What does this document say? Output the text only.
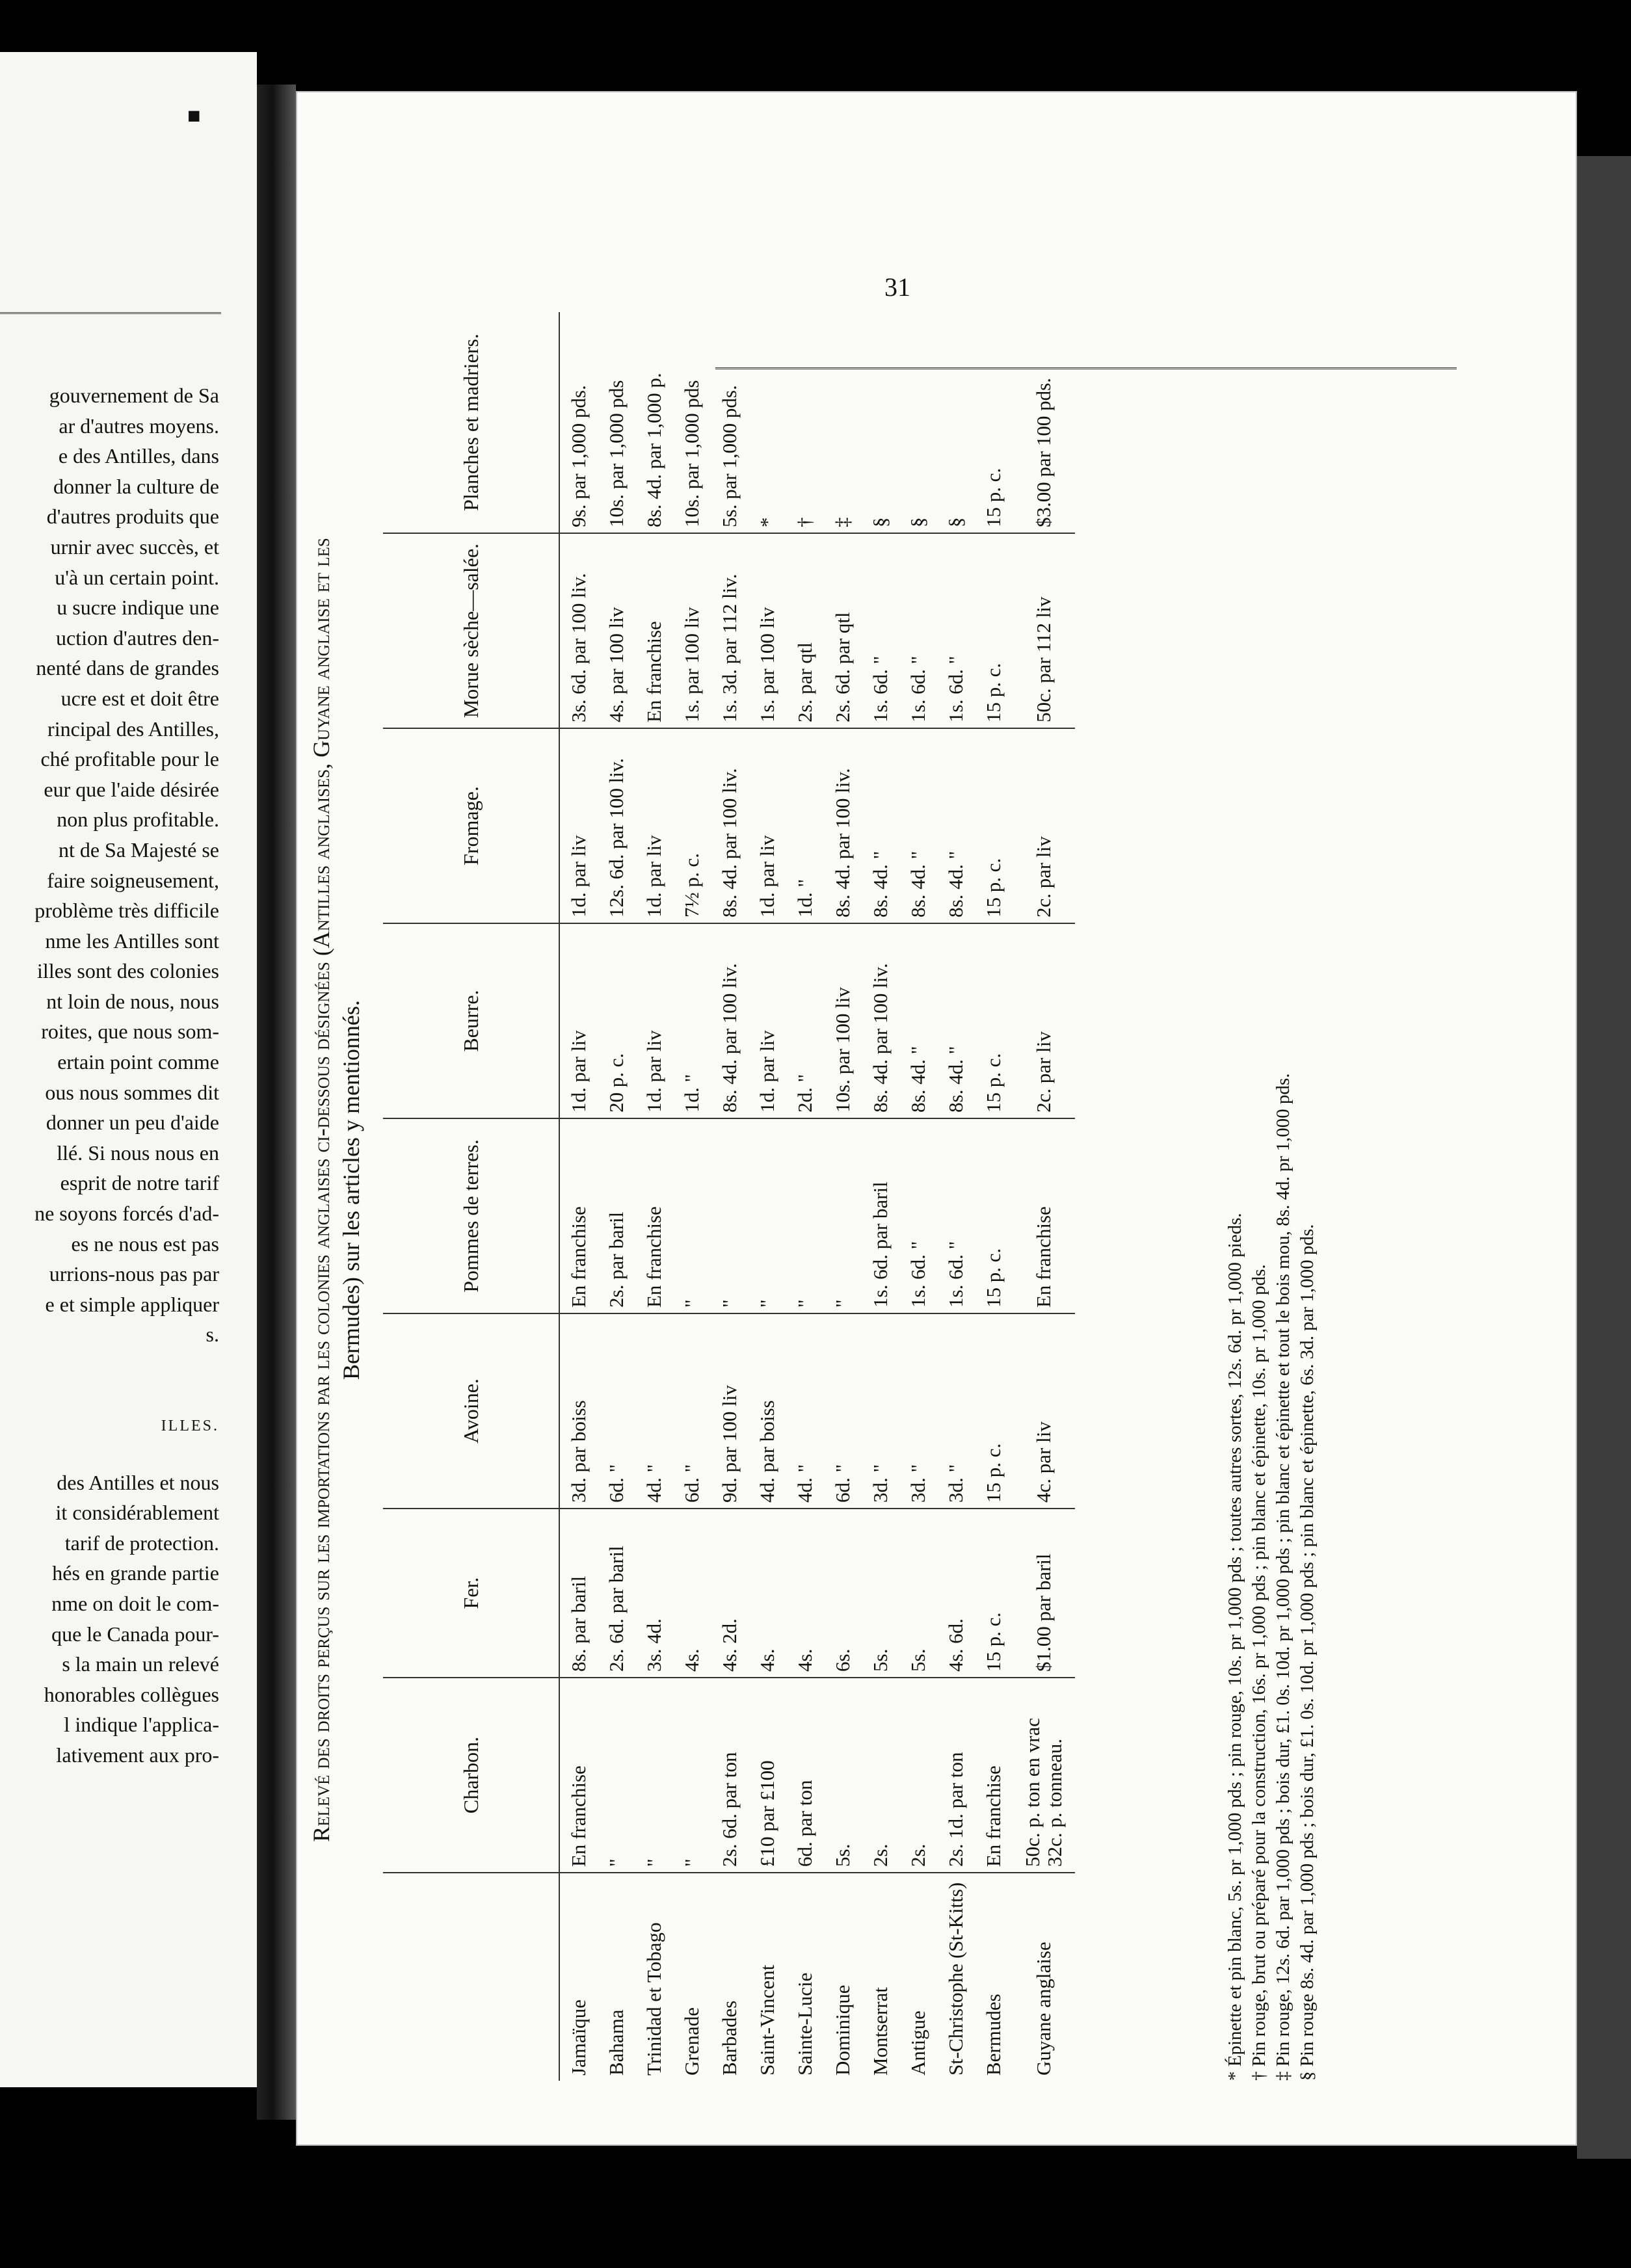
■
gouvernement de Sa
ar d'autres moyens.
e des Antilles, dans
donner la culture de
d'autres produits que
urnir avec succès, et
u'à un certain point.
u sucre indique une
uction d'autres den-
nenté dans de grandes
ucre est et doit être
rincipal des Antilles,
ché profitable pour le
eur que l'aide désirée
non plus profitable.
nt de Sa Majesté se
faire soigneusement,
problème très difficile
nme les Antilles sont
illes sont des colonies
nt loin de nous, nous
roites, que nous som-
ertain point comme
ous nous sommes dit
donner un peu d'aide
llé. Si nous nous en
esprit de notre tarif
ne soyons forcés d'ad-
es ne nous est pas
urrions-nous pas par
e et simple appliquer
s.
ILLES.
des Antilles et nous
it considérablement
tarif de protection.
hés en grande partie
nme on doit le com-
que le Canada pour-
s la main un relevé
honorables collègues
l indique l'applica-
lativement aux pro-
31
Relevé des droits perçus sur les importations par les colonies anglaises ci-dessous désignées (Antilles anglaises, Guyane anglaise et les Bermudes) sur les articles y mentionnés.
	Charbon.	Fer.	Avoine.	Pommes de terres.	Beurre.	Fromage.	Morue sèche—salée.	Planches et madriers.
Jamaïque	En franchise	8s. par baril	3d. par boiss	En franchise	1d. par liv	1d. par liv	3s. 6d. par 100 liv.	9s. par 1,000 pds.
Bahama	"	2s. 6d. par baril	6d. "	2s. par baril	20 p. c.	12s. 6d. par 100 liv.	4s. par 100 liv	10s. par 1,000 pds
Trinidad et Tobago	"	3s. 4d.	4d. "	En franchise	1d. par liv	1d. par liv	En franchise	8s. 4d. par 1,000 p.
Grenade	"	4s.	6d. "	"	1d. "	7½ p. c.	1s. par 100 liv	10s. par 1,000 pds
Barbades	2s. 6d. par ton	4s. 2d.	9d. par 100 liv	"	8s. 4d. par 100 liv.	8s. 4d. par 100 liv.	1s. 3d. par 112 liv.	5s. par 1,000 pds.
Saint-Vincent	£10 par £100	4s.	4d. par boiss	"	1d. par liv	1d. par liv	1s. par 100 liv	*
Sainte-Lucie	6d. par ton	4s.	4d. "	"	2d. "	1d. "	2s. par qtl	†
Dominique	5s.	6s.	6d. "	"	10s. par 100 liv	8s. 4d. par 100 liv.	2s. 6d. par qtl	‡
Montserrat	2s.	5s.	3d. "	1s. 6d. par baril	8s. 4d. par 100 liv.	8s. 4d. "	1s. 6d. "	§
Antigue	2s.	5s.	3d. "	1s. 6d. "	8s. 4d. "	8s. 4d. "	1s. 6d. "	§
St-Christophe (St-Kitts)	2s. 1d. par ton	4s. 6d.	3d. "	1s. 6d. "	8s. 4d. "	8s. 4d. "	1s. 6d. "	§
Bermudes	En franchise	15 p. c.	15 p. c.	15 p. c.	15 p. c.	15 p. c.	15 p. c.	15 p. c.
Guyane anglaise	50c. p. ton en vrac 32c. p. tonneau.	$1.00 par baril	4c. par liv	En franchise	2c. par liv	2c. par liv	50c. par 112 liv	$3.00 par 100 pds.
* Épinette et pin blanc, 5s. pr 1,000 pds ; pin rouge, 10s. pr 1,000 pds ; toutes autres sortes, 12s. 6d. pr 1,000 pieds. † Pin rouge, brut ou préparé pour la construction, 16s. pr 1,000 pds ; pin blanc et épinette, 10s. pr 1,000 pds. ‡ Pin rouge, 12s. 6d. par 1,000 pds ; bois dur, £1. 0s. 10d. pr 1,000 pds ; pin blanc et épinette et tout le bois mou, 8s. 4d. pr 1,000 pds. § Pin rouge 8s. 4d. par 1,000 pds ; bois dur, £1. 0s. 10d. pr 1,000 pds ; pin blanc et épinette, 6s. 3d. par 1,000 pds.
